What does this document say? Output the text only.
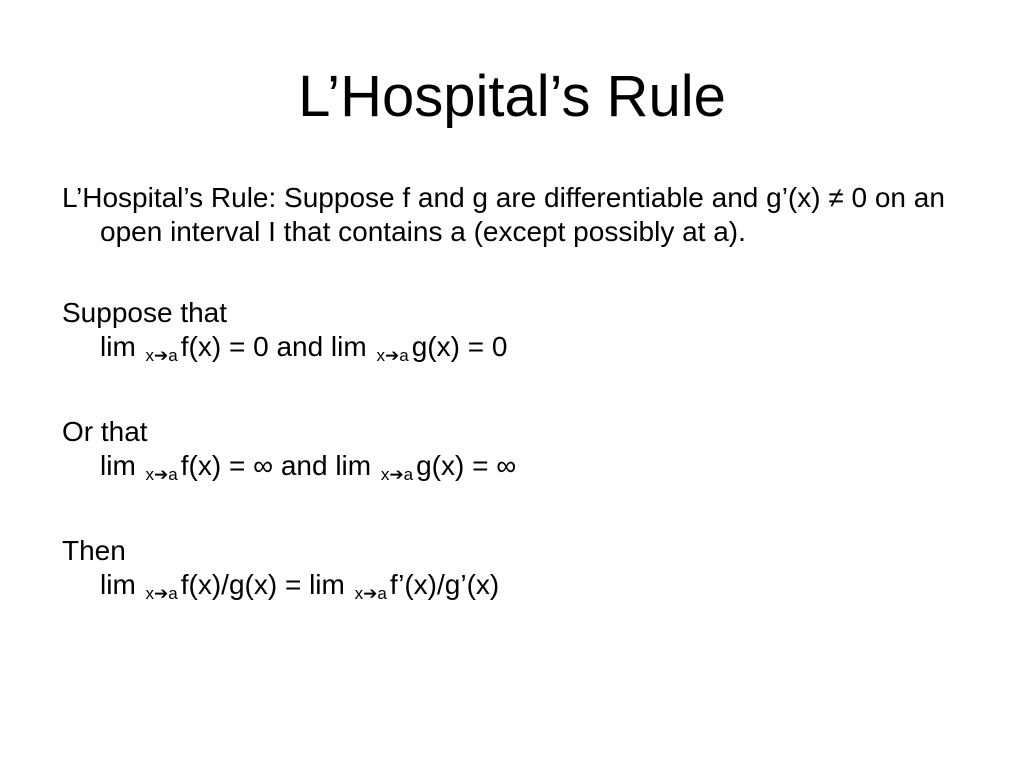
L’Hospital’s Rule

L’Hospital’s Rule: Suppose f and g are differentiable and g’(x) ≠ 0 on an open interval I that contains a (except possibly at a).

Suppose that

lim x➔a f(x) = 0 and lim x➔a g(x) = 0

Or that

lim x➔a f(x) = ∞ and lim x➔a g(x) = ∞

Then

lim x➔a f(x)/g(x) = lim x➔a f’(x)/g’(x)
